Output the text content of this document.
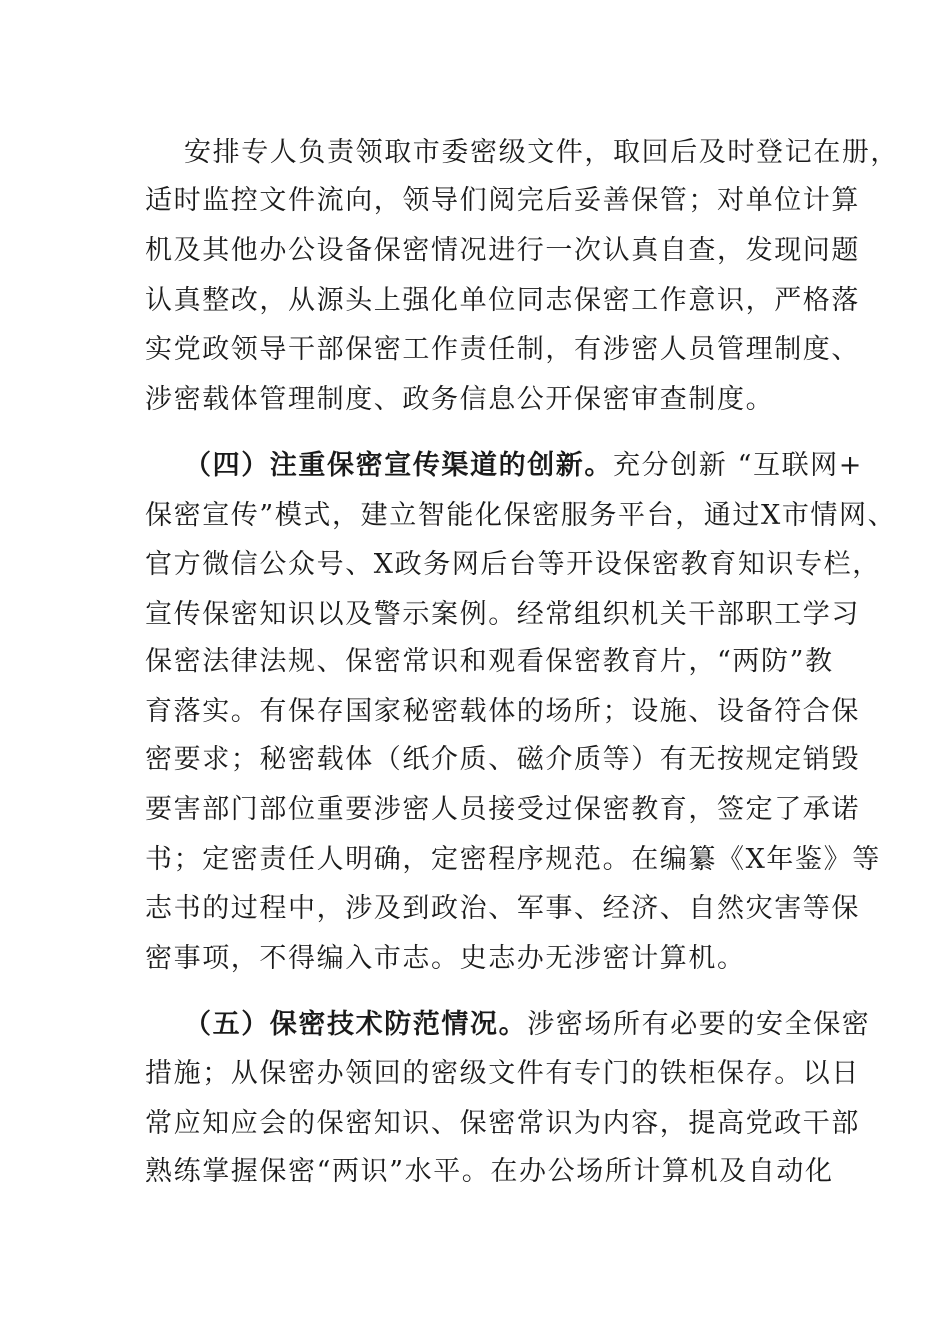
安排专人负责领取市委密级文件，取回后及时登记在册，
适时监控文件流向，领导们阅完后妥善保管；对单位计算
机及其他办公设备保密情况进行一次认真自查，发现问题
认真整改，从源头上强化单位同志保密工作意识，严格落
实党政领导干部保密工作责任制，有涉密人员管理制度、
涉密载体管理制度、政务信息公开保密审查制度。
（四）注重保密宣传渠道的创新。充分创新 “互联网+
保密宣传”模式，建立智能化保密服务平台，通过X市情网、
官方微信公众号、X政务网后台等开设保密教育知识专栏，
宣传保密知识以及警示案例。经常组织机关干部职工学习
保密法律法规、保密常识和观看保密教育片，“两防”教
育落实。有保存国家秘密载体的场所；设施、设备符合保
密要求；秘密载体（纸介质、磁介质等）有无按规定销毁
要害部门部位重要涉密人员接受过保密教育，签定了承诺
书；定密责任人明确，定密程序规范。在编纂《X年鉴》等
志书的过程中，涉及到政治、军事、经济、自然灾害等保
密事项，不得编入市志。史志办无涉密计算机。
（五）保密技术防范情况。涉密场所有必要的安全保密
措施；从保密办领回的密级文件有专门的铁柜保存。以日
常应知应会的保密知识、保密常识为内容，提高党政干部
熟练掌握保密“两识”水平。在办公场所计算机及自动化
